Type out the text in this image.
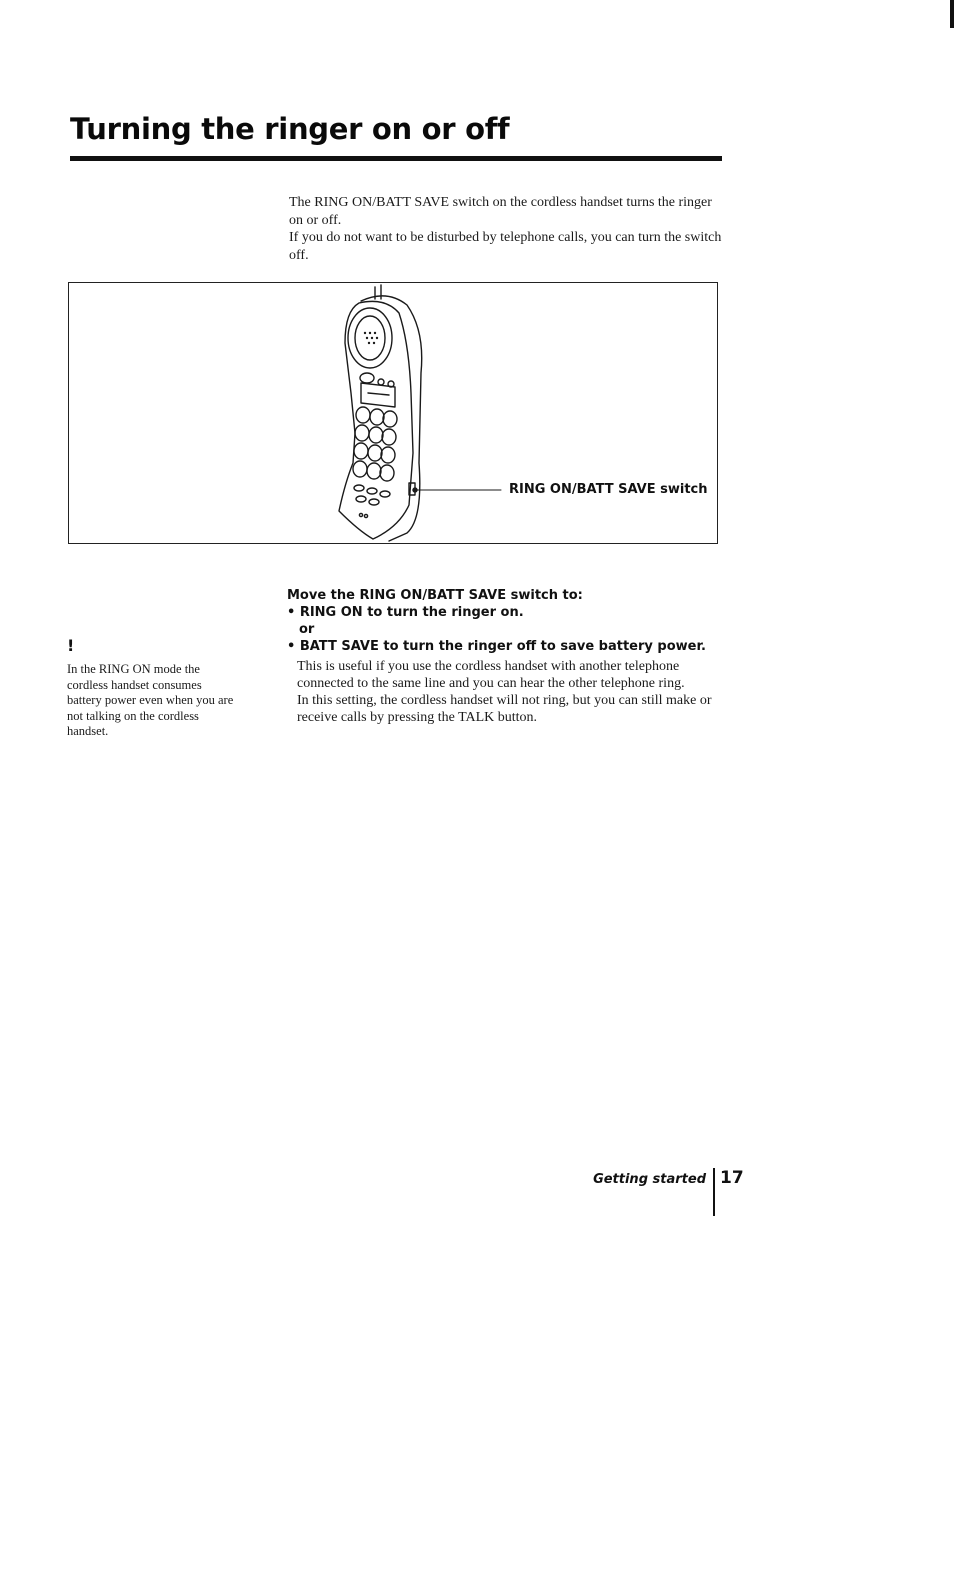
Turning the ringer on or off

The RING ON/BATT SAVE switch on the cordless handset turns the ringer on or off.

If you do not want to be disturbed by telephone calls, you can turn the switch off.

RING ON/BATT SAVE switch
!
In the RING ON mode the cordless handset consumes battery power even when you are not talking on the cordless handset.
Move the RING ON/BATT SAVE switch to:
• RING ON to turn the ringer on.
or
• BATT SAVE to turn the ringer off to save battery power.

This is useful if you use the cordless handset with another telephone connected to the same line and you can hear the other telephone ring.

In this setting, the cordless handset will not ring, but you can still make or receive calls by pressing the TALK button.

Getting started 17
